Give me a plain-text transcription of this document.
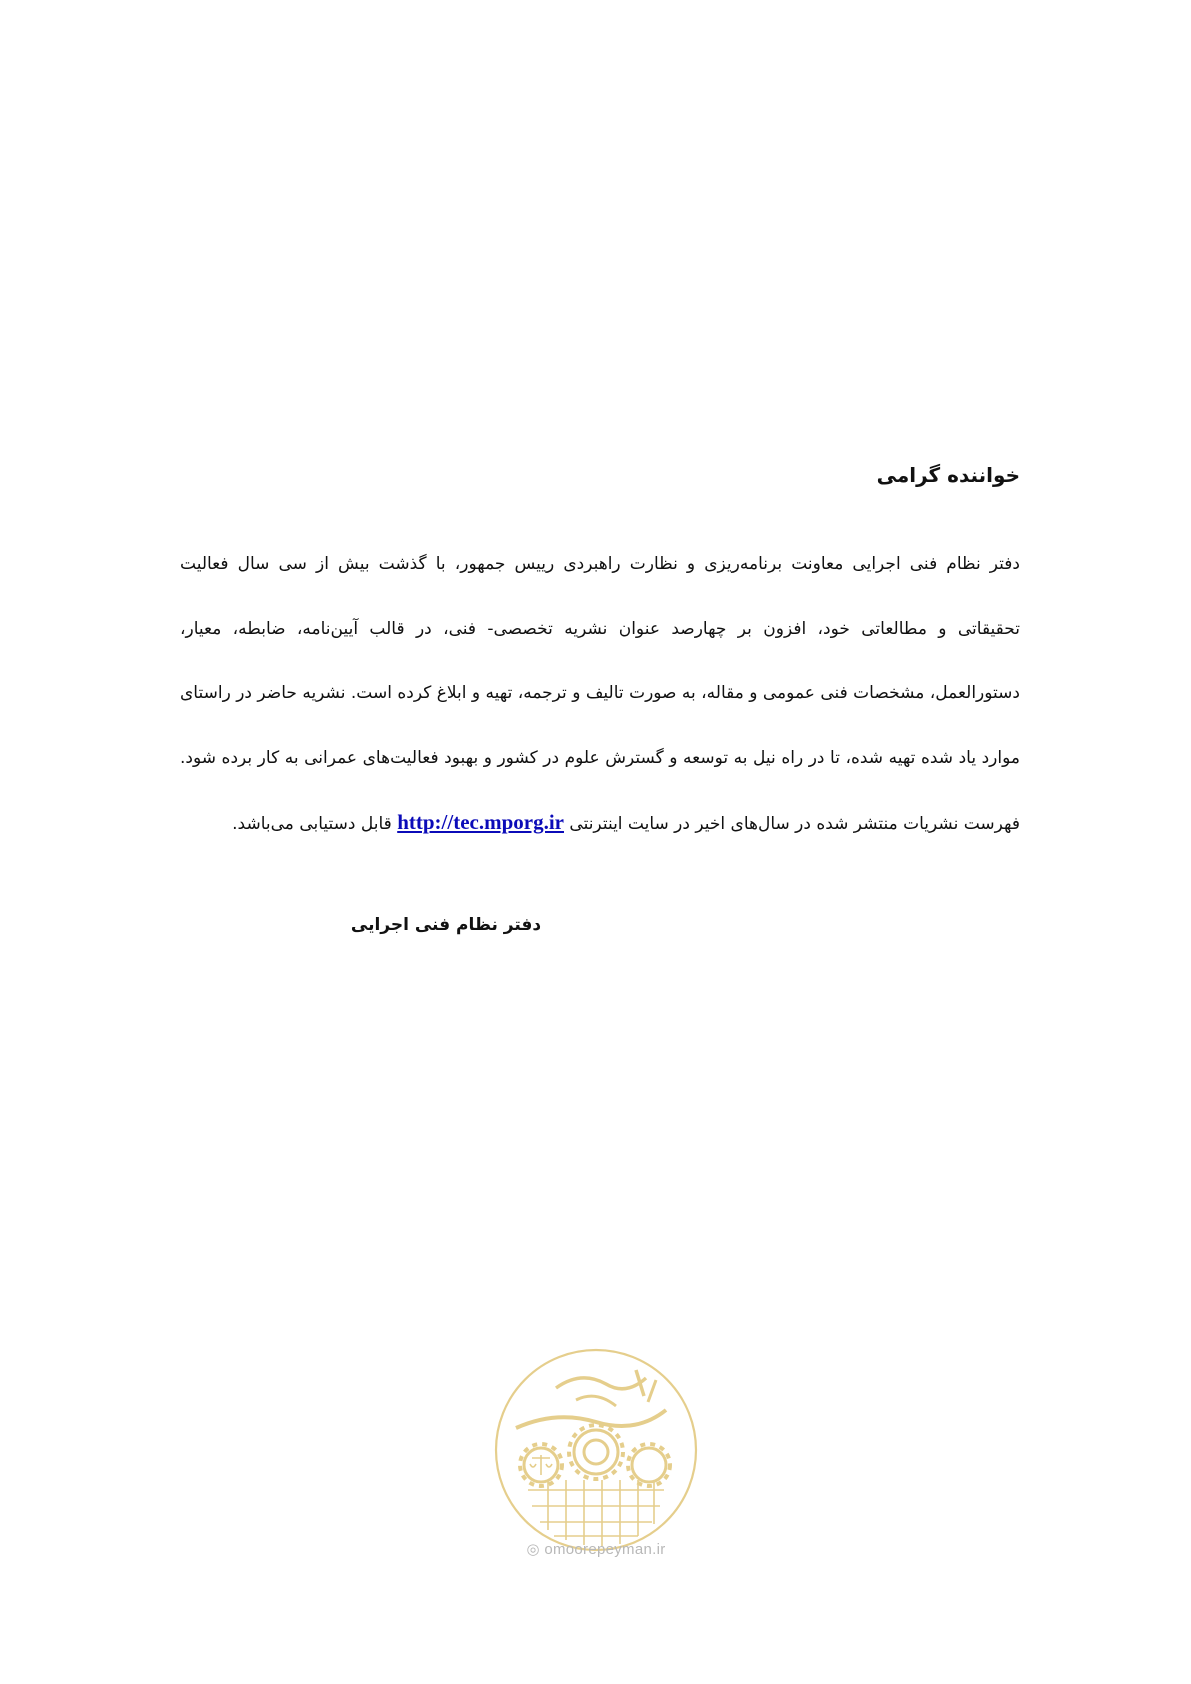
خواننده گرامی

دفتر نظام فنی اجرایی معاونت برنامه‌ریزی و نظارت راهبردی رییس جمهور، با گذشت بیش از سی سال فعالیت تحقیقاتی و مطالعاتی خود، افزون بر چهارصد عنوان نشریه تخصصی- فنی، در قالب آیین‌نامه، ضابطه، معیار، دستورالعمل، مشخصات فنی عمومی و مقاله، به صورت تالیف و ترجمه، تهیه و ابلاغ کرده است. نشریه حاضر در راستای موارد یاد شده تهیه شده، تا در راه نیل به توسعه و گسترش علوم در کشور و بهبود فعالیت‌های عمرانی به کار برده شود. فهرست نشریات منتشر شده در سال‌های اخیر در سایت اینترنتی http://tec.mporg.ir قابل دستیابی می‌باشد.

دفتر نظام فنی اجرایی

◎ omoorepeyman.ir
